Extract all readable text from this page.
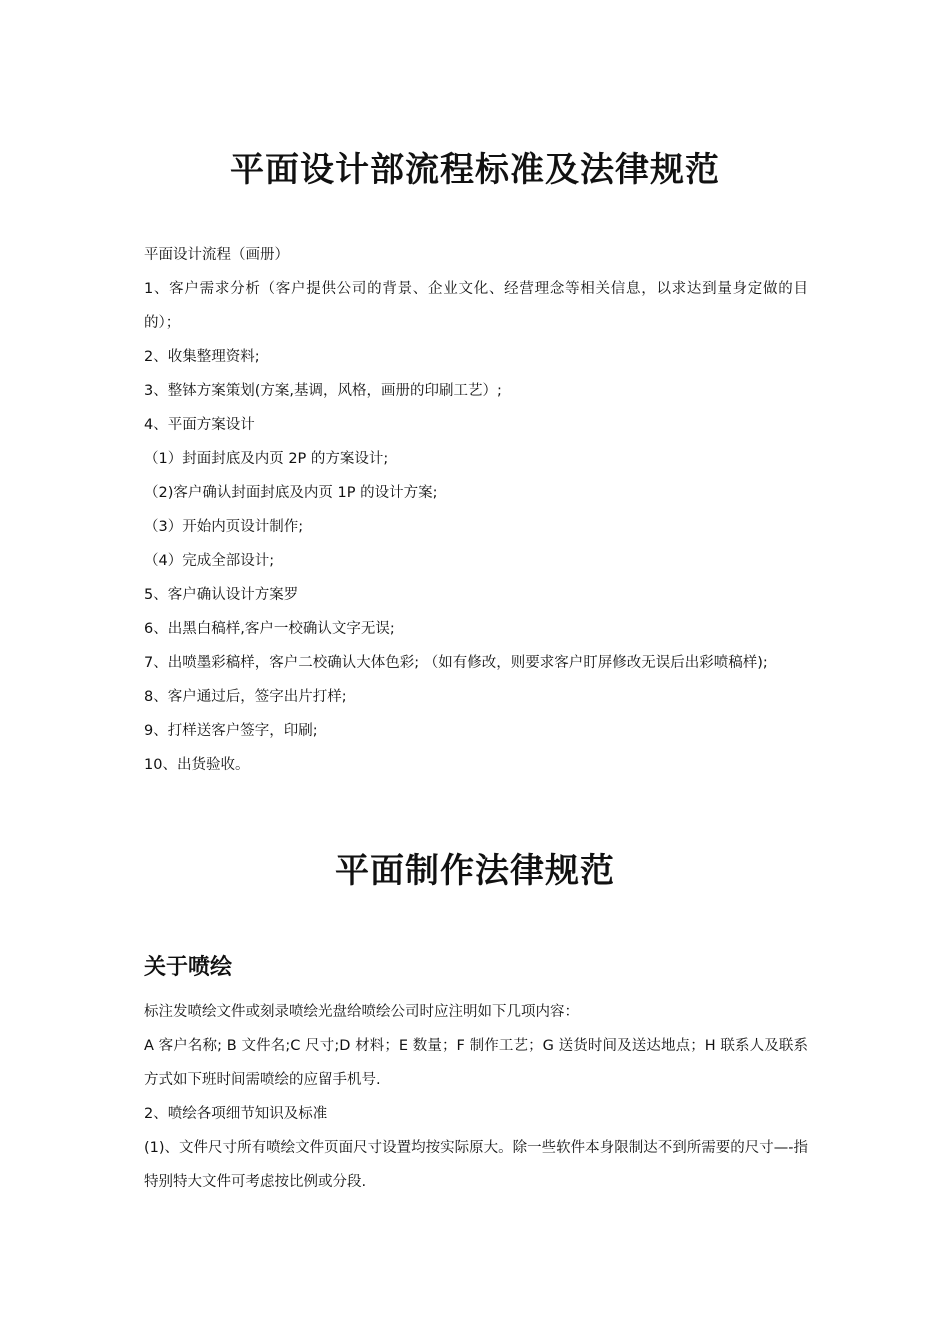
平面设计部流程标准及法律规范

平面设计流程（画册）

1、客户需求分析（客户提供公司的背景、企业文化、经营理念等相关信息，以求达到量身定做的目的）；

2、收集整理资料;

3、整钵方案策划(方案,基调，风格，画册的印刷工艺）;

4、平面方案设计

（1）封面封底及内页 2P 的方案设计;

（2)客户确认封面封底及内页 1P 的设计方案;

（3）开始内页设计制作;

（4）完成全部设计;

5、客户确认设计方案罗

6、出黑白稿样,客户一校确认文字无误;

7、出喷墨彩稿样，客户二校确认大体色彩; （如有修改，则要求客户盯屏修改无误后出彩喷稿样);

8、客户通过后，签字出片打样;

9、打样送客户签字，印刷;

10、出货验收。

平面制作法律规范
关于喷绘

标注发喷绘文件或刻录喷绘光盘给喷绘公司时应注明如下几项内容：

A 客户名称; B 文件名;C 尺寸;D 材料；E 数量；F 制作工艺；G 送货时间及送达地点；H 联系人及联系方式如下班时间需喷绘的应留手机号.

2、喷绘各项细节知识及标准

(1)、文件尺寸所有喷绘文件页面尺寸设置均按实际原大。除一些软件本身限制达不到所需要的尺寸—-指特别特大文件可考虑按比例或分段.
